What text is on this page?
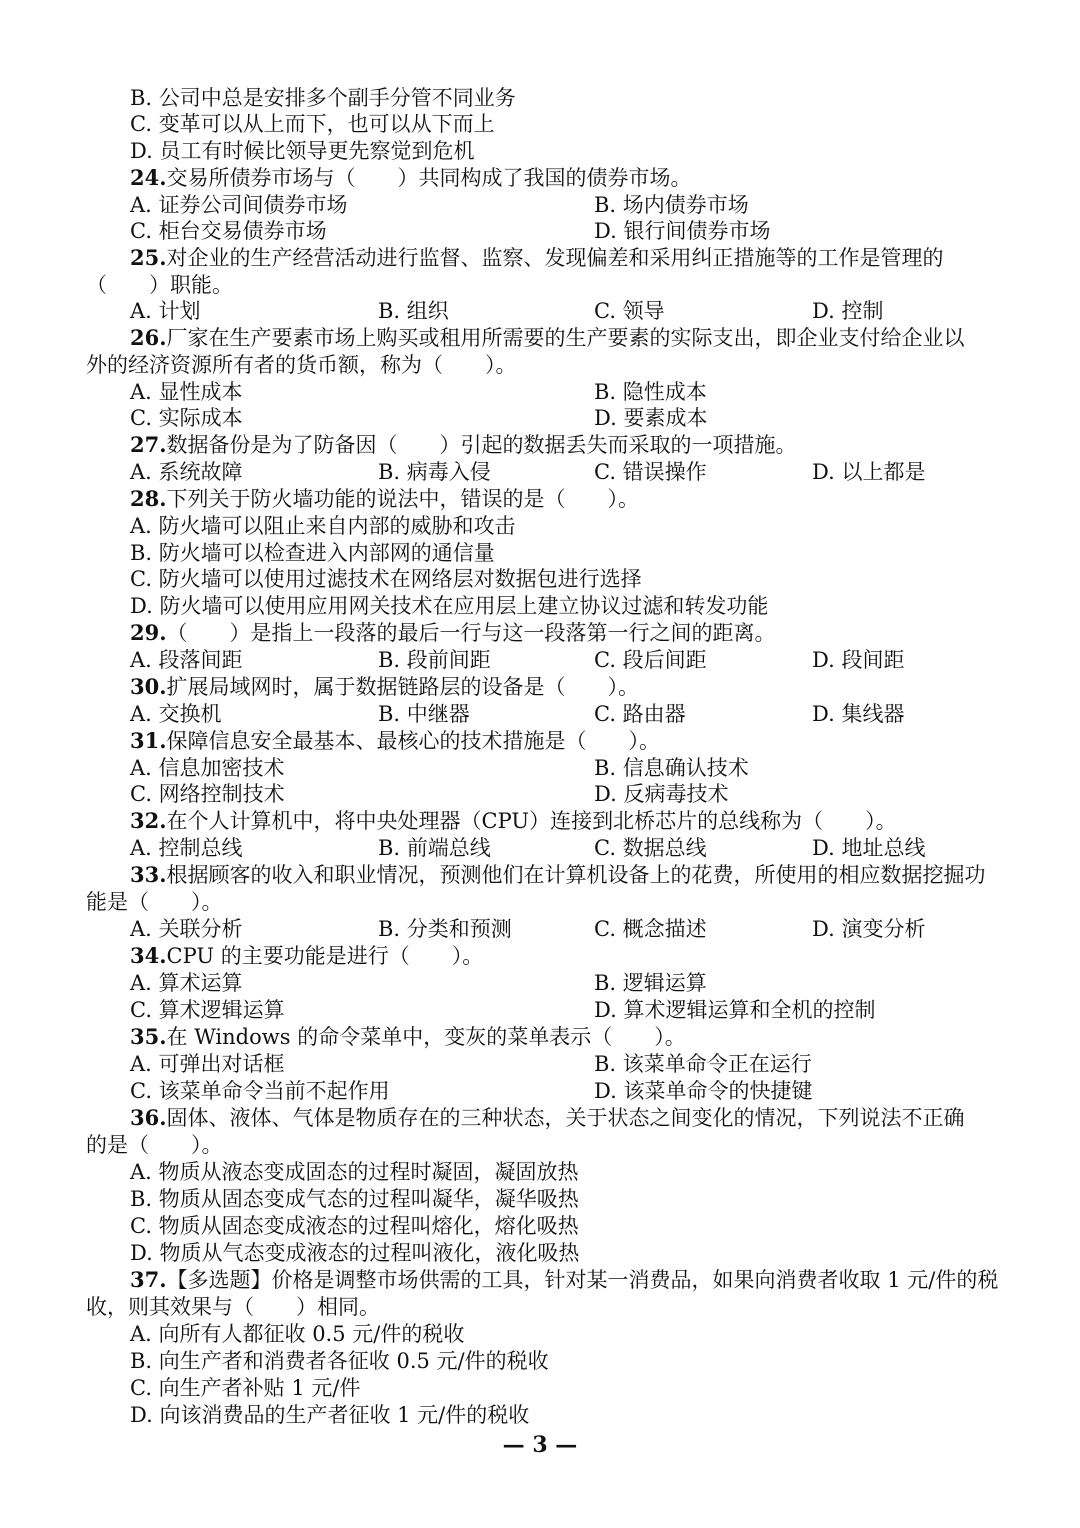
B. 公司中总是安排多个副手分管不同业务
C. 变革可以从上而下，也可以从下而上
D. 员工有时候比领导更先察觉到危机
24.交易所债券市场与（　　）共同构成了我国的债券市场。
A. 证券公司间债券市场	B. 场内债券市场
C. 柜台交易债券市场	D. 银行间债券市场
25.对企业的生产经营活动进行监督、监察、发现偏差和采用纠正措施等的工作是管理的
（　　）职能。
A. 计划	B. 组织	C. 领导	D. 控制
26.厂家在生产要素市场上购买或租用所需要的生产要素的实际支出，即企业支付给企业以
外的经济资源所有者的货币额，称为（　　）。
A. 显性成本	B. 隐性成本
C. 实际成本	D. 要素成本
27.数据备份是为了防备因（　　）引起的数据丢失而采取的一项措施。
A. 系统故障	B. 病毒入侵	C. 错误操作	D. 以上都是
28.下列关于防火墙功能的说法中，错误的是（　　）。
A. 防火墙可以阻止来自内部的威胁和攻击
B. 防火墙可以检查进入内部网的通信量
C. 防火墙可以使用过滤技术在网络层对数据包进行选择
D. 防火墙可以使用应用网关技术在应用层上建立协议过滤和转发功能
29.（　　）是指上一段落的最后一行与这一段落第一行之间的距离。
A. 段落间距	B. 段前间距	C. 段后间距	D. 段间距
30.扩展局域网时，属于数据链路层的设备是（　　）。
A. 交换机	B. 中继器	C. 路由器	D. 集线器
31.保障信息安全最基本、最核心的技术措施是（　　）。
A. 信息加密技术	B. 信息确认技术
C. 网络控制技术	D. 反病毒技术
32.在个人计算机中，将中央处理器（CPU）连接到北桥芯片的总线称为（　　）。
A. 控制总线	B. 前端总线	C. 数据总线	D. 地址总线
33.根据顾客的收入和职业情况，预测他们在计算机设备上的花费，所使用的相应数据挖掘功
能是（　　）。
A. 关联分析	B. 分类和预测	C. 概念描述	D. 演变分析
34.CPU 的主要功能是进行（　　）。
A. 算术运算	B. 逻辑运算
C. 算术逻辑运算	D. 算术逻辑运算和全机的控制
35.在 Windows 的命令菜单中，变灰的菜单表示（　　）。
A. 可弹出对话框	B. 该菜单命令正在运行
C. 该菜单命令当前不起作用	D. 该菜单命令的快捷键
36.固体、液体、气体是物质存在的三种状态，关于状态之间变化的情况，下列说法不正确
的是（　　）。
A. 物质从液态变成固态的过程时凝固，凝固放热
B. 物质从固态变成气态的过程叫凝华，凝华吸热
C. 物质从固态变成液态的过程叫熔化，熔化吸热
D. 物质从气态变成液态的过程叫液化，液化吸热
37.【多选题】价格是调整市场供需的工具，针对某一消费品，如果向消费者收取 1 元/件的税
收，则其效果与（　　）相同。
A. 向所有人都征收 0.5 元/件的税收
B. 向生产者和消费者各征收 0.5 元/件的税收
C. 向生产者补贴 1 元/件
D. 向该消费品的生产者征收 1 元/件的税收
— 3 —
